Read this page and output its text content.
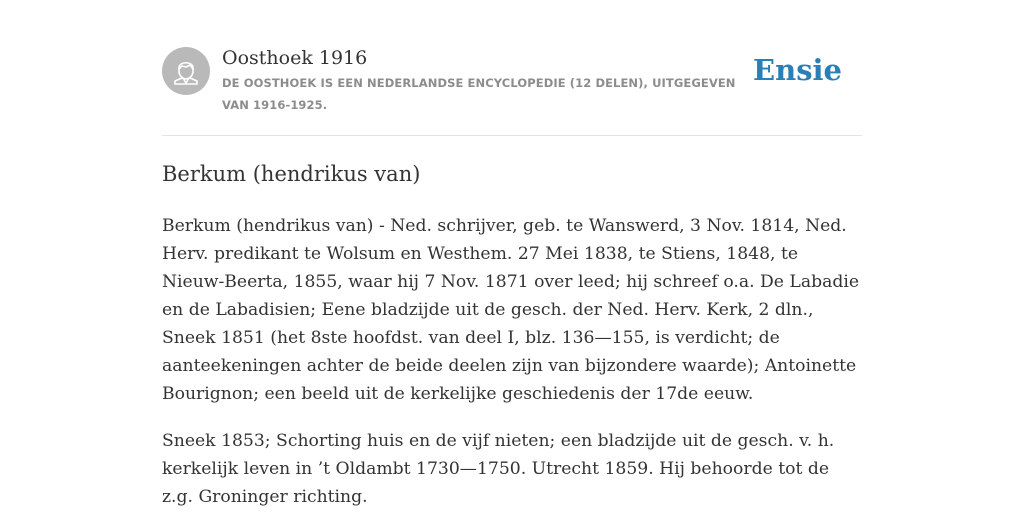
Oosthoek 1916
DE OOSTHOEK IS EEN NEDERLANDSE ENCYCLOPEDIE (12 DELEN), UITGEGEVEN VAN 1916-1925.
Ensie
Berkum (hendrikus van)

Berkum (hendrikus van) - Ned. schrijver, geb. te Wanswerd, 3 Nov. 1814, Ned. Herv. predikant te Wolsum en Westhem. 27 Mei 1838, te Stiens, 1848, te Nieuw-Beerta, 1855, waar hij 7 Nov. 1871 over leed; hij schreef o.a. De Labadie en de Labadisien; Eene bladzijde uit de gesch. der Ned. Herv. Kerk, 2 dln., Sneek 1851 (het 8ste hoofdst. van deel I, blz. 136—155, is verdicht; de aanteekeningen achter de beide deelen zijn van bijzondere waarde); Antoinette Bourignon; een beeld uit de kerkelijke geschiedenis der 17de eeuw.

Sneek 1853; Schorting huis en de vijf nieten; een bladzijde uit de gesch. v. h. kerkelijk leven in ’t Oldambt 1730—1750. Utrecht 1859. Hij behoorde tot de z.g. Groninger richting.
